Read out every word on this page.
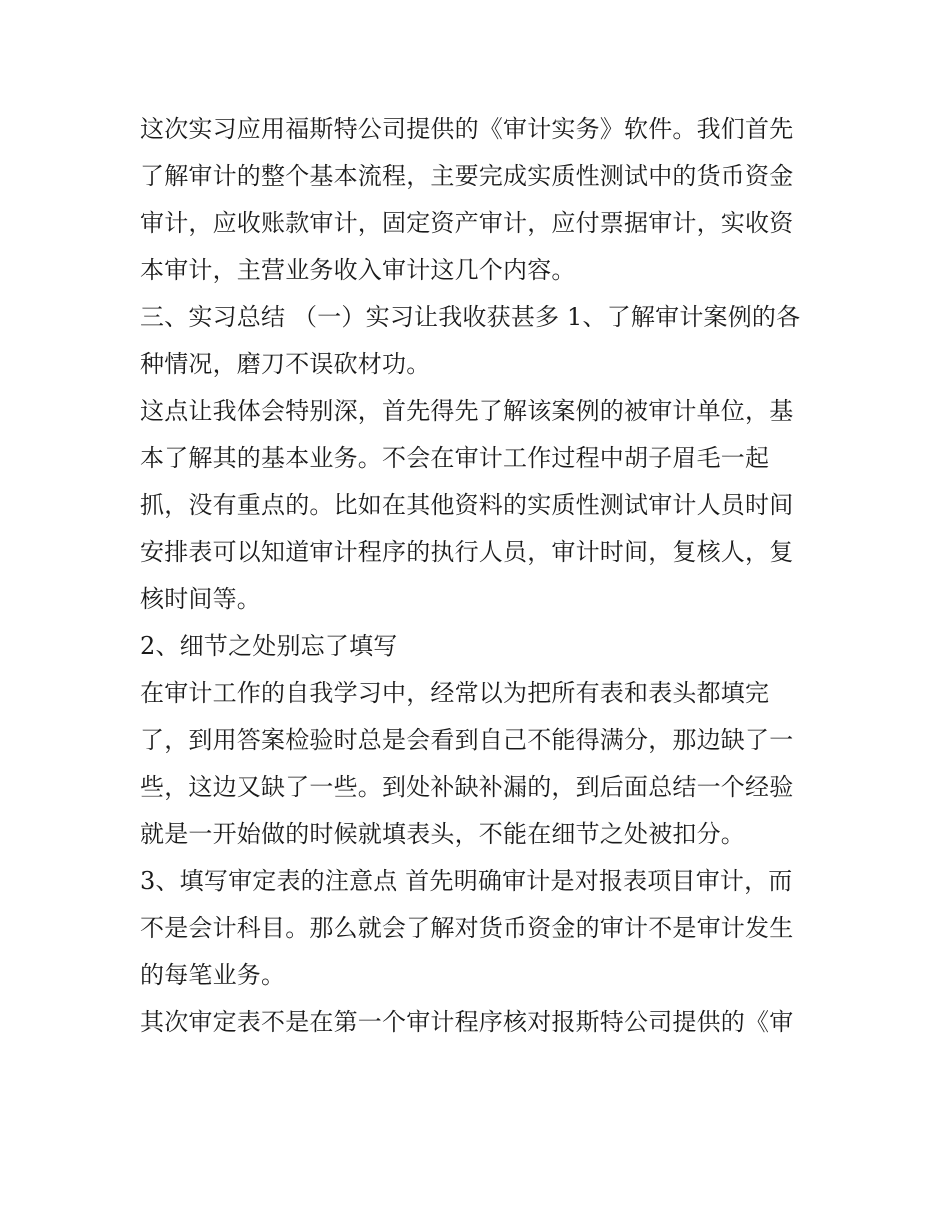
这次实习应用福斯特公司提供的《审计实务》软件。我们首先
了解审计的整个基本流程，主要完成实质性测试中的货币资金
审计，应收账款审计，固定资产审计，应付票据审计，实收资
本审计，主营业务收入审计这几个内容。
三、实习总结 （一）实习让我收获甚多 1、了解审计案例的各
种情况，磨刀不误砍材功。
这点让我体会特别深，首先得先了解该案例的被审计单位，基
本了解其的基本业务。不会在审计工作过程中胡子眉毛一起
抓，没有重点的。比如在其他资料的实质性测试审计人员时间
安排表可以知道审计程序的执行人员，审计时间，复核人，复
核时间等。
2、细节之处别忘了填写
在审计工作的自我学习中，经常以为把所有表和表头都填完
了，到用答案检验时总是会看到自己不能得满分，那边缺了一
些，这边又缺了一些。到处补缺补漏的，到后面总结一个经验
就是一开始做的时候就填表头，不能在细节之处被扣分。
3、填写审定表的注意点 首先明确审计是对报表项目审计，而
不是会计科目。那么就会了解对货币资金的审计不是审计发生
的每笔业务。
其次审定表不是在第一个审计程序核对报斯特公司提供的《审
